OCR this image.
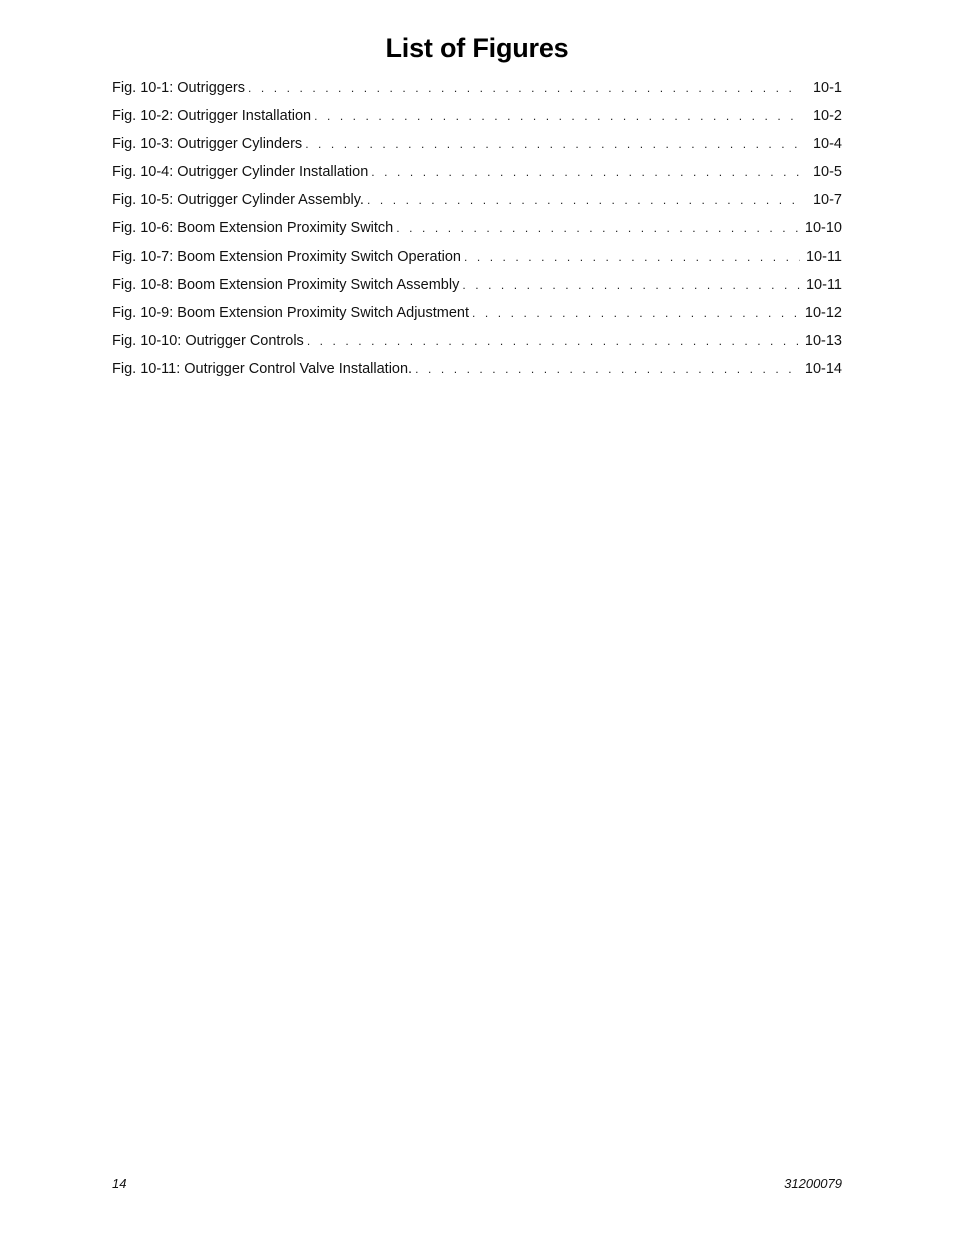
List of Figures
Fig. 10-1: Outriggers . . .	10-1
Fig. 10-2: Outrigger Installation . . .	10-2
Fig. 10-3: Outrigger Cylinders . . .	10-4
Fig. 10-4: Outrigger Cylinder Installation . . .	10-5
Fig. 10-5: Outrigger Cylinder Assembly. . . .	10-7
Fig. 10-6: Boom Extension Proximity Switch . . .	10-10
Fig. 10-7: Boom Extension Proximity Switch Operation . . .	10-11
Fig. 10-8: Boom Extension Proximity Switch Assembly . . .	10-11
Fig. 10-9: Boom Extension Proximity Switch Adjustment . . .	10-12
Fig. 10-10: Outrigger Controls . . .	10-13
Fig. 10-11: Outrigger Control Valve Installation. . . .	10-14
14	31200079
